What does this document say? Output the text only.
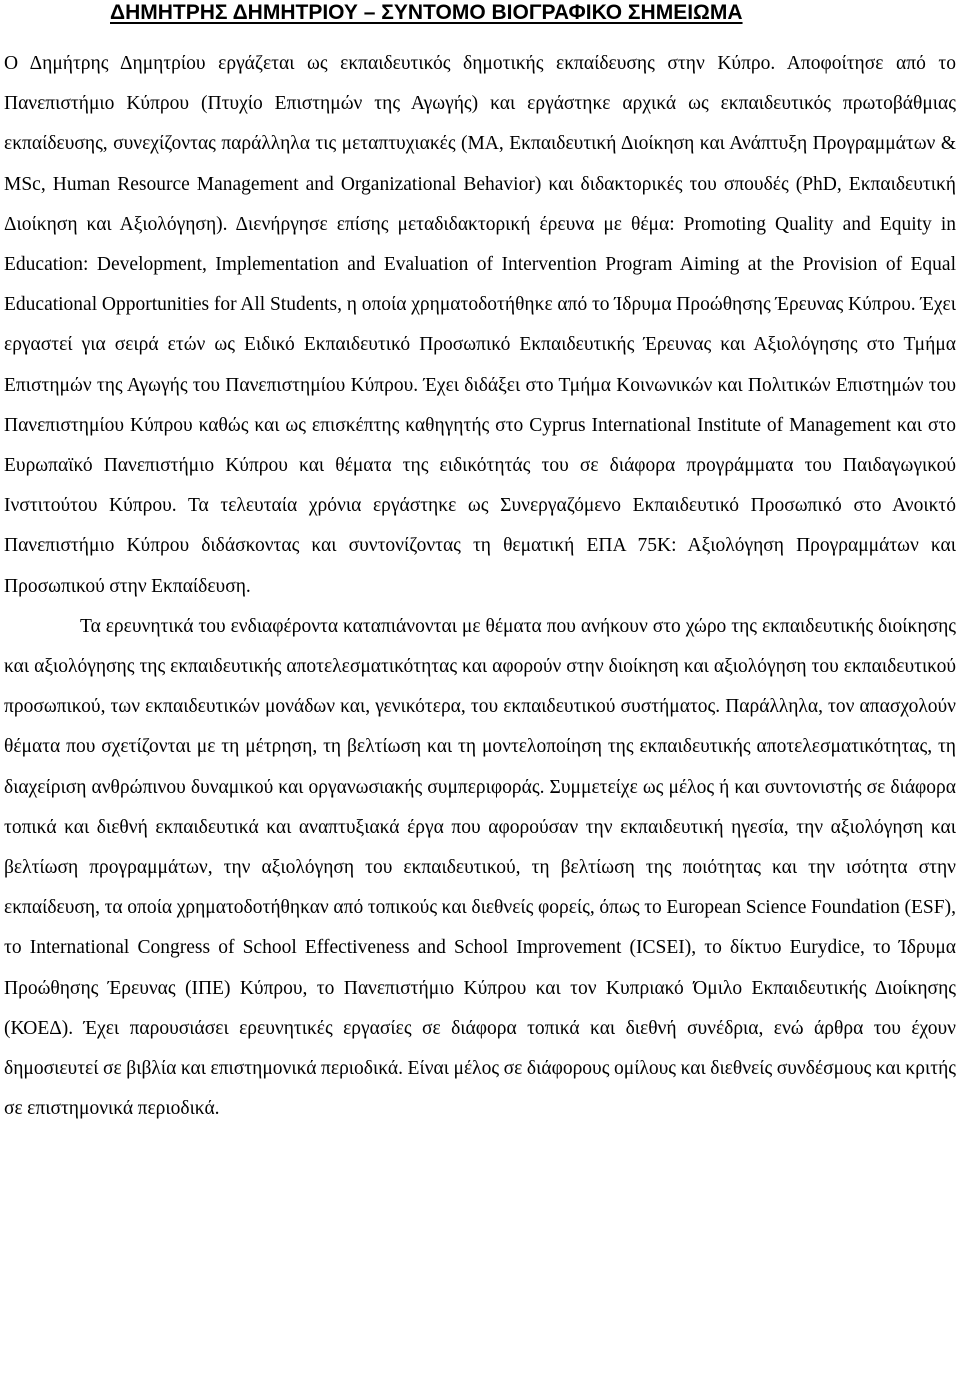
ΔΗΜΗΤΡΗΣ ΔΗΜΗΤΡΙΟΥ – ΣΥΝΤΟΜΟ ΒΙΟΓΡΑΦΙΚΟ ΣΗΜΕΙΩΜΑ

Ο Δημήτρης Δημητρίου εργάζεται ως εκπαιδευτικός δημοτικής εκπαίδευσης στην Κύπρο. Αποφοίτησε από το Πανεπιστήμιο Κύπρου (Πτυχίο Επιστημών της Αγωγής) και εργάστηκε αρχικά ως εκπαιδευτικός πρωτοβάθμιας εκπαίδευσης, συνεχίζοντας παράλληλα τις μεταπτυχιακές (MA, Εκπαιδευτική Διοίκηση και Ανάπτυξη Προγραμμάτων & MSc, Human Resource Management and Organizational Behavior) και διδακτορικές του σπουδές (PhD, Εκπαιδευτική Διοίκηση και Αξιολόγηση). Διενήργησε επίσης μεταδιδακτορική έρευνα με θέμα: Promoting Quality and Equity in Education: Development, Implementation and Evaluation of Intervention Program Aiming at the Provision of Equal Educational Opportunities for All Students, η οποία χρηματοδοτήθηκε από το Ίδρυμα Προώθησης Έρευνας Κύπρου. Έχει εργαστεί για σειρά ετών ως Ειδικό Εκπαιδευτικό Προσωπικό Εκπαιδευτικής Έρευνας και Αξιολόγησης στο Τμήμα Επιστημών της Αγωγής του Πανεπιστημίου Κύπρου. Έχει διδάξει στο Τμήμα Κοινωνικών και Πολιτικών Επιστημών του Πανεπιστημίου Κύπρου καθώς και ως επισκέπτης καθηγητής στο Cyprus International Institute of Management και στο Ευρωπαϊκό Πανεπιστήμιο Κύπρου και θέματα της ειδικότητάς του σε διάφορα προγράμματα του Παιδαγωγικού Ινστιτούτου Κύπρου. Τα τελευταία χρόνια εργάστηκε ως Συνεργαζόμενο Εκπαιδευτικό Προσωπικό στο Ανοικτό Πανεπιστήμιο Κύπρου διδάσκοντας και συντονίζοντας τη θεματική ΕΠΑ 75Κ: Αξιολόγηση Προγραμμάτων και Προσωπικού στην Εκπαίδευση.

Τα ερευνητικά του ενδιαφέροντα καταπιάνονται με θέματα που ανήκουν στο χώρο της εκπαιδευτικής διοίκησης και αξιολόγησης της εκπαιδευτικής αποτελεσματικότητας και αφορούν στην διοίκηση και αξιολόγηση του εκπαιδευτικού προσωπικού, των εκπαιδευτικών μονάδων και, γενικότερα, του εκπαιδευτικού συστήματος. Παράλληλα, τον απασχολούν θέματα που σχετίζονται με τη μέτρηση, τη βελτίωση και τη μοντελοποίηση της εκπαιδευτικής αποτελεσματικότητας, τη διαχείριση ανθρώπινου δυναμικού και οργανωσιακής συμπεριφοράς. Συμμετείχε ως μέλος ή και συντονιστής σε διάφορα τοπικά και διεθνή εκπαιδευτικά και αναπτυξιακά έργα που αφορούσαν την εκπαιδευτική ηγεσία, την αξιολόγηση και βελτίωση προγραμμάτων, την αξιολόγηση του εκπαιδευτικού, τη βελτίωση της ποιότητας και την ισότητα στην εκπαίδευση, τα οποία χρηματοδοτήθηκαν από τοπικούς και διεθνείς φορείς, όπως το European Science Foundation (ESF), το International Congress of School Effectiveness and School Improvement (ICSEI), το δίκτυο Eurydice, το Ίδρυμα Προώθησης Έρευνας (ΙΠΕ) Κύπρου, το Πανεπιστήμιο Κύπρου και τον Κυπριακό Όμιλο Εκπαιδευτικής Διοίκησης (ΚΟΕΔ). Έχει παρουσιάσει ερευνητικές εργασίες σε διάφορα τοπικά και διεθνή συνέδρια, ενώ άρθρα του έχουν δημοσιευτεί σε βιβλία και επιστημονικά περιοδικά. Είναι μέλος σε διάφορους ομίλους και διεθνείς συνδέσμους και κριτής σε επιστημονικά περιοδικά.
